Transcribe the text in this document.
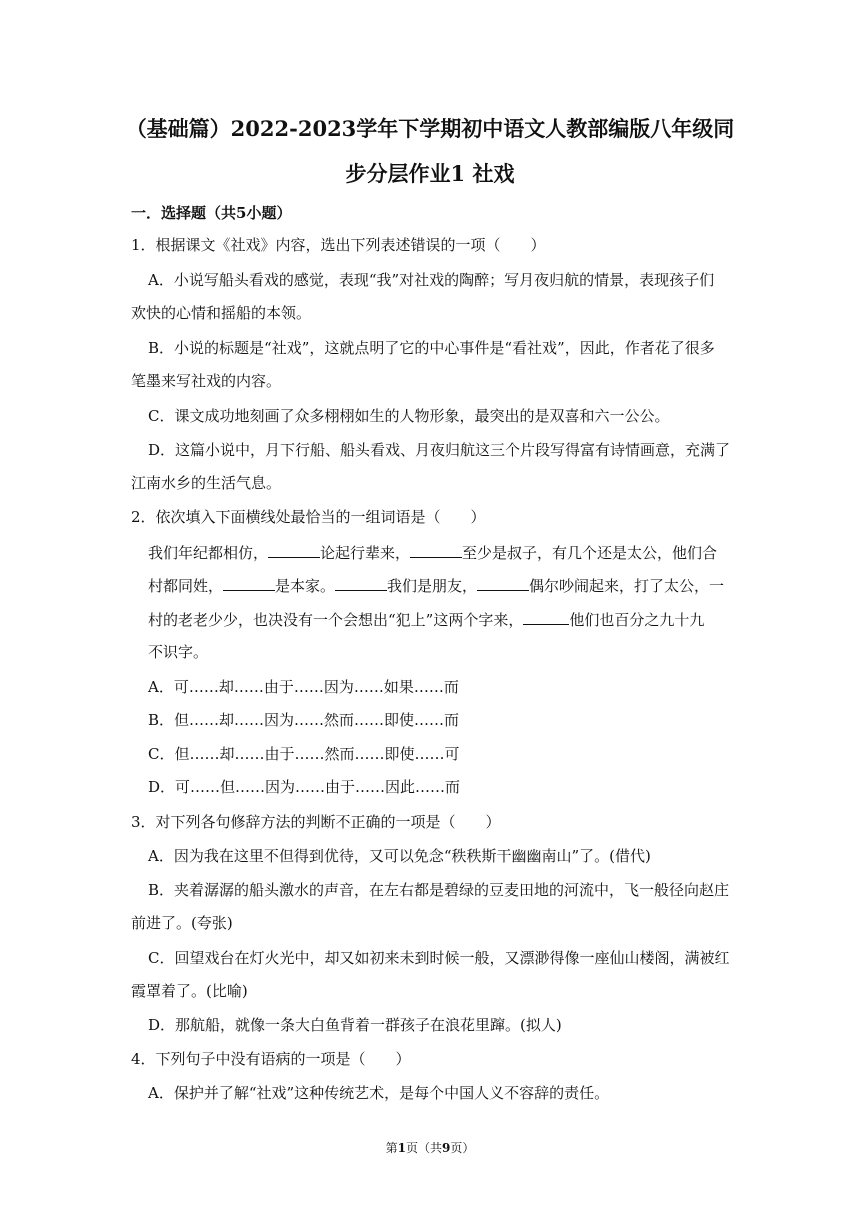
（基础篇）2022-2023学年下学期初中语文人教部编版八年级同
步分层作业1 社戏
一．选择题（共5小题）
1．根据课文《社戏》内容，选出下列表述错误的一项（　　）
A．小说写船头看戏的感觉，表现“我”对社戏的陶醉；写月夜归航的情景，表现孩子们
欢快的心情和摇船的本领。
B．小说的标题是“社戏”，这就点明了它的中心事件是“看社戏”，因此，作者花了很多
笔墨来写社戏的内容。
C．课文成功地刻画了众多栩栩如生的人物形象，最突出的是双喜和六一公公。
D．这篇小说中，月下行船、船头看戏、月夜归航这三个片段写得富有诗情画意，充满了
江南水乡的生活气息。
2．依次填入下面横线处最恰当的一组词语是（　　）
我们年纪都相仿，	论起行辈来，	至少是叔子，有几个还是太公，他们合
村都同姓，	是本家。	我们是朋友，	偶尔吵闹起来，打了太公，一
村的老老少少，也决没有一个会想出“犯上”这两个字来，	他们也百分之九十九
不识字。
A．可……却……由于……因为……如果……而
B．但……却……因为……然而……即使……而
C．但……却……由于……然而……即使……可
D．可……但……因为……由于……因此……而
3．对下列各句修辞方法的判断不正确的一项是（　　）
A．因为我在这里不但得到优待，又可以免念“秩秩斯干幽幽南山”了。(借代)
B．夹着潺潺的船头激水的声音，在左右都是碧绿的豆麦田地的河流中，飞一般径向赵庄
前进了。(夸张)
C．回望戏台在灯火光中，却又如初来未到时候一般，又漂渺得像一座仙山楼阁，满被红
霞罩着了。(比喻)
D．那航船，就像一条大白鱼背着一群孩子在浪花里蹿。(拟人)
4．下列句子中没有语病的一项是（　　）
A．保护并了解“社戏”这种传统艺术，是每个中国人义不容辞的责任。
第1页（共9页）
